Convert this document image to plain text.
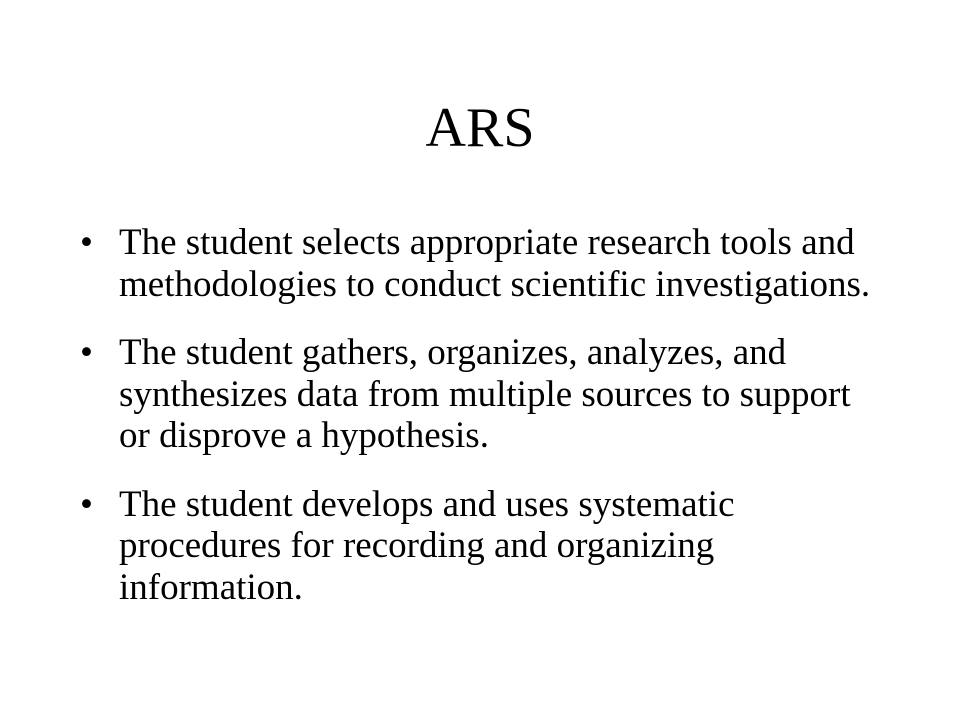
ARS
• The student selects appropriate research tools and methodologies to conduct scientific investigations.
• The student gathers, organizes, analyzes, and synthesizes data from multiple sources to support or disprove a hypothesis.
• The student develops and uses systematic procedures for recording and organizing information.
